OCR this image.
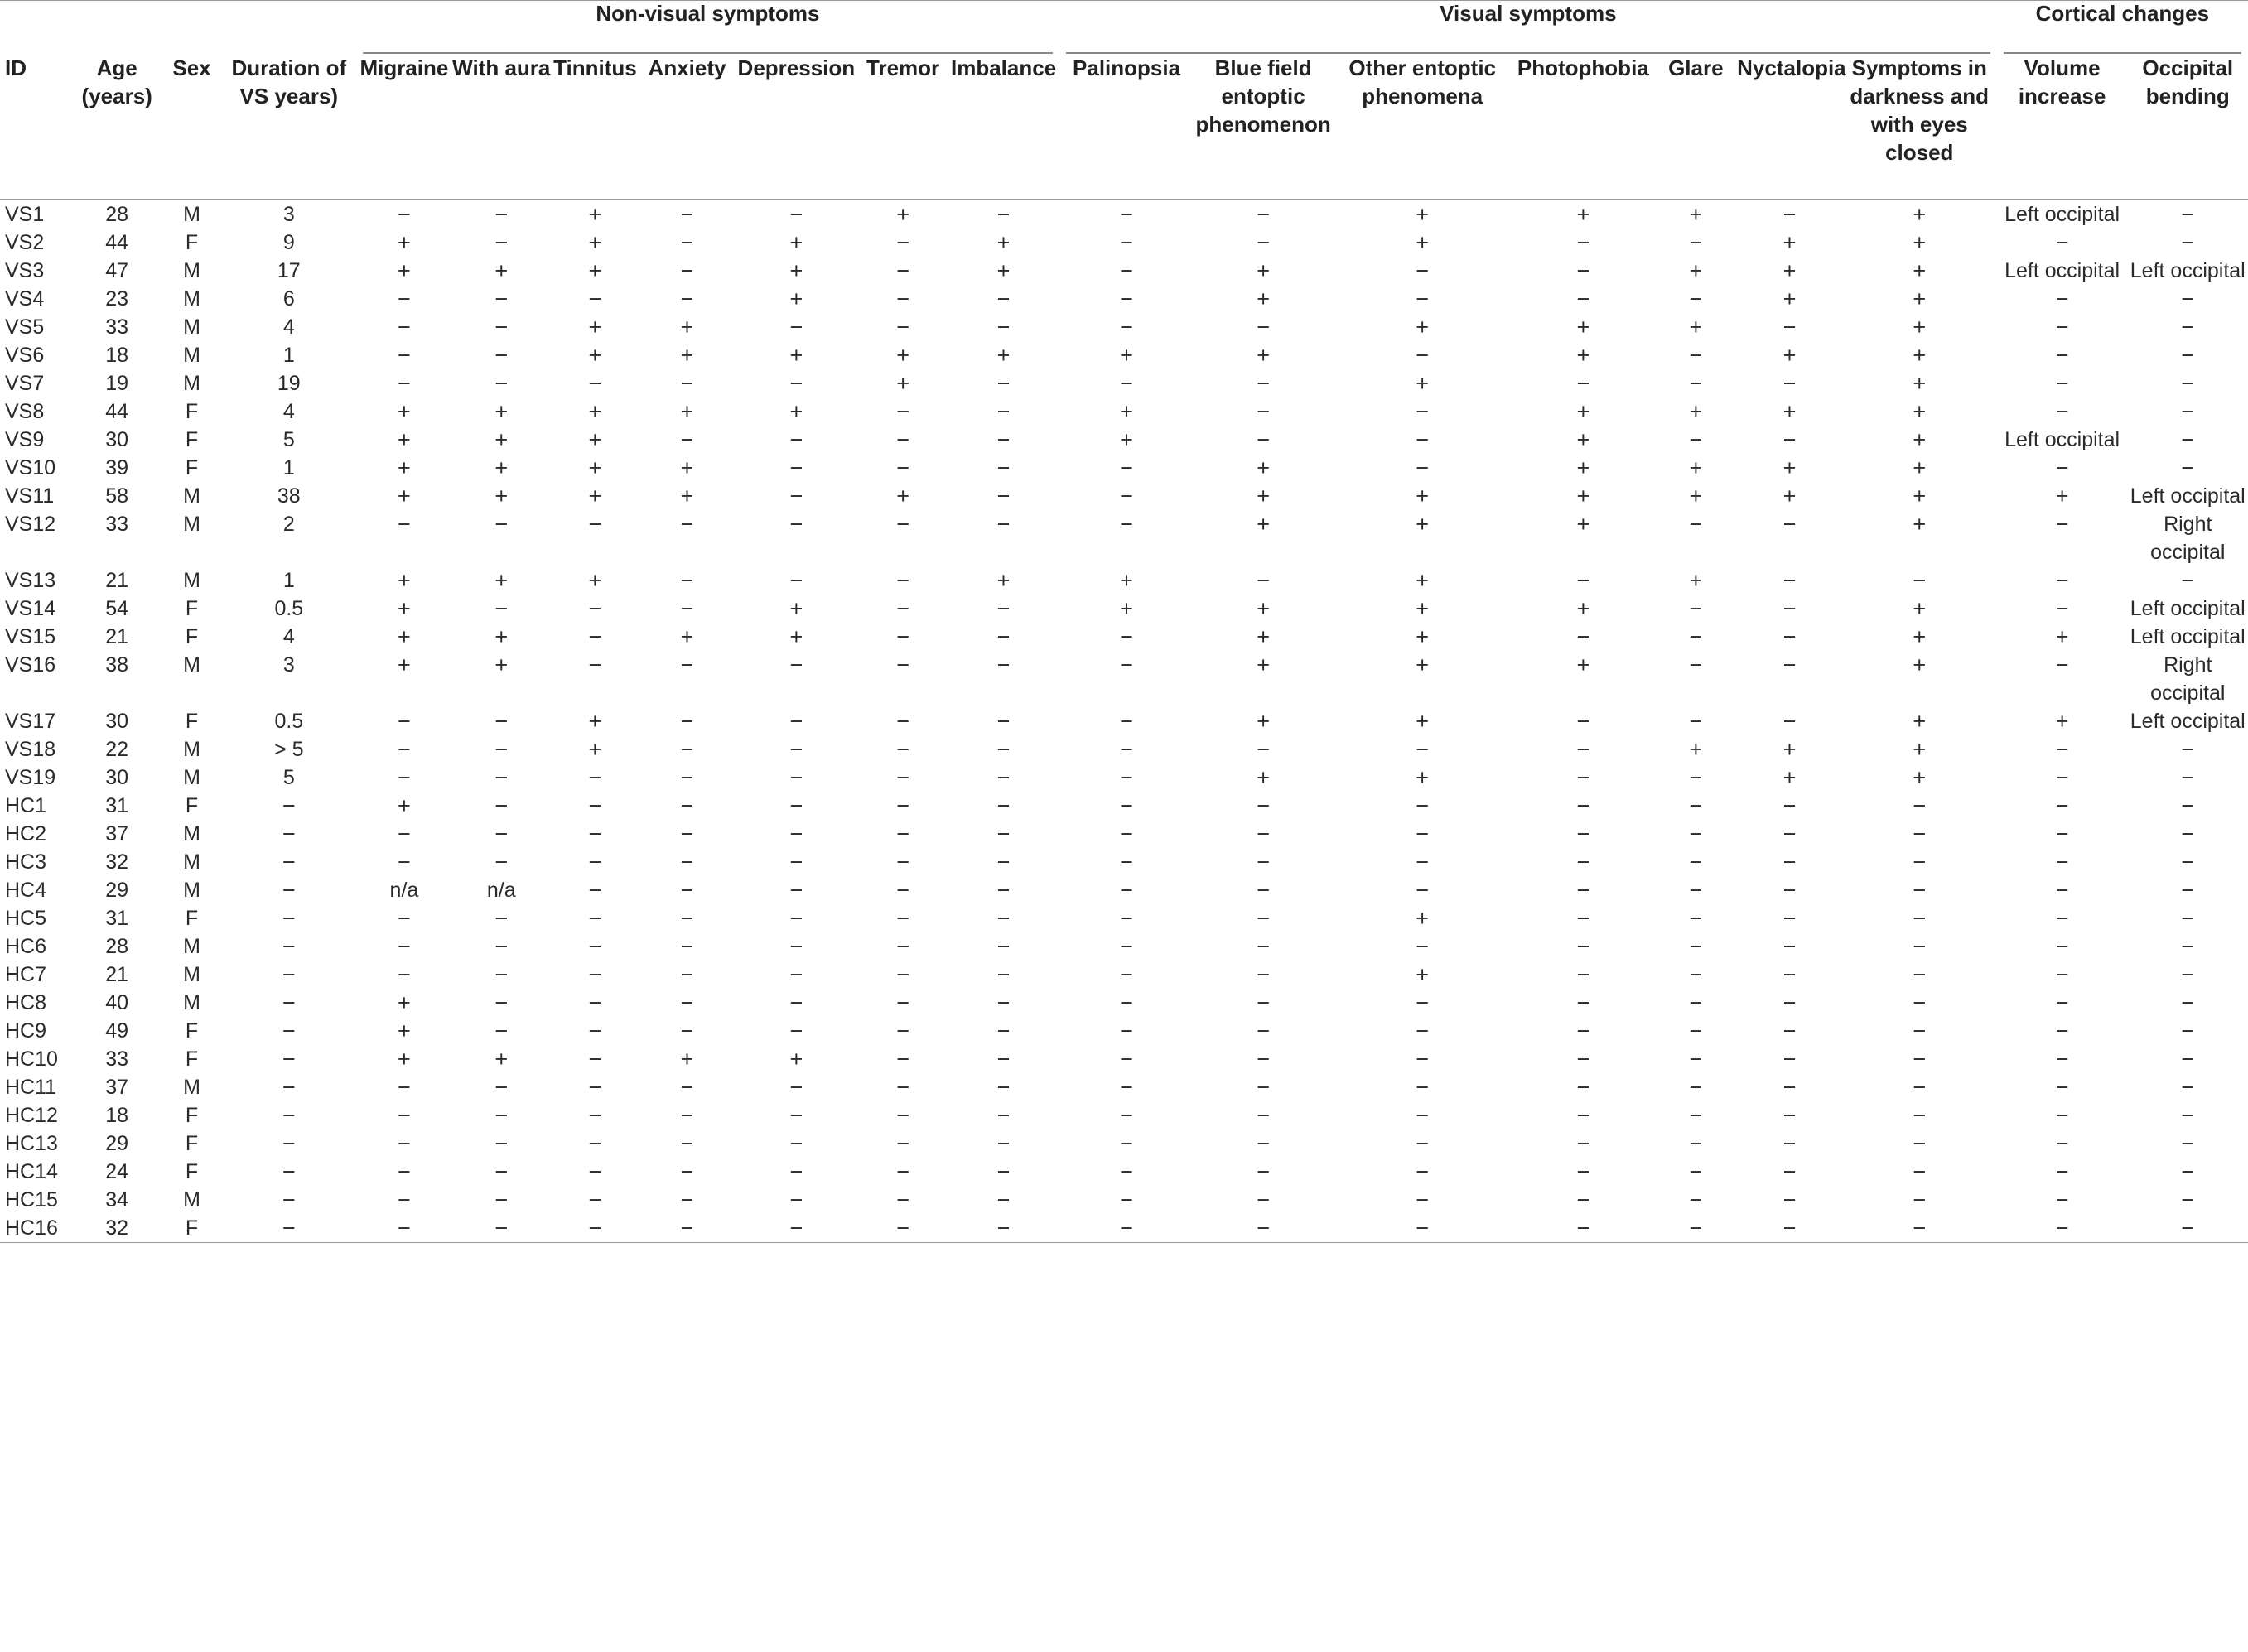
				Non-visual symptoms							Visual symptoms							Cortical changes	

ID	Age (years)	Sex	Duration of VS years)	Migraine	With aura	Tinnitus	Anxiety	Depression	Tremor	Imbalance	Palinopsia	Blue field entoptic phenomenon	Other entoptic phenomena	Photophobia	Glare	Nyctalopia	Symptoms in darkness and with eyes closed	Volume increase	Occipital bending
VS1	28	M	3	−	−	+	−	−	+	−	−	−	+	+	+	−	+	Left occipital	−
VS2	44	F	9	+	−	+	−	+	−	+	−	−	+	−	−	+	+	−	−
VS3	47	M	17	+	+	+	−	+	−	+	−	+	−	−	+	+	+	Left occipital	Left occipital
VS4	23	M	6	−	−	−	−	+	−	−	−	+	−	−	−	+	+	−	−
VS5	33	M	4	−	−	+	+	−	−	−	−	−	+	+	+	−	+	−	−
VS6	18	M	1	−	−	+	+	+	+	+	+	+	−	+	−	+	+	−	−
VS7	19	M	19	−	−	−	−	−	+	−	−	−	+	−	−	−	+	−	−
VS8	44	F	4	+	+	+	+	+	−	−	+	−	−	+	+	+	+	−	−
VS9	30	F	5	+	+	+	−	−	−	−	+	−	−	+	−	−	+	Left occipital	−
VS10	39	F	1	+	+	+	+	−	−	−	−	+	−	+	+	+	+	−	−
VS11	58	M	38	+	+	+	+	−	+	−	−	+	+	+	+	+	+	+	Left occipital
VS12	33	M	2	−	−	−	−	−	−	−	−	+	+	+	−	−	+	−	Right occipital
VS13	21	M	1	+	+	+	−	−	−	+	+	−	+	−	+	−	−	−	−
VS14	54	F	0.5	+	−	−	−	+	−	−	+	+	+	+	−	−	+	−	Left occipital
VS15	21	F	4	+	+	−	+	+	−	−	−	+	+	−	−	−	+	+	Left occipital
VS16	38	M	3	+	+	−	−	−	−	−	−	+	+	+	−	−	+	−	Right occipital
VS17	30	F	0.5	−	−	+	−	−	−	−	−	+	+	−	−	−	+	+	Left occipital
VS18	22	M	> 5	−	−	+	−	−	−	−	−	−	−	−	+	+	+	−	−
VS19	30	M	5	−	−	−	−	−	−	−	−	+	+	−	−	+	+	−	−
HC1	31	F	−	+	−	−	−	−	−	−	−	−	−	−	−	−	−	−	−
HC2	37	M	−	−	−	−	−	−	−	−	−	−	−	−	−	−	−	−	−
HC3	32	M	−	−	−	−	−	−	−	−	−	−	−	−	−	−	−	−	−
HC4	29	M	−	n/a	n/a	−	−	−	−	−	−	−	−	−	−	−	−	−	−
HC5	31	F	−	−	−	−	−	−	−	−	−	−	+	−	−	−	−	−	−
HC6	28	M	−	−	−	−	−	−	−	−	−	−	−	−	−	−	−	−	−
HC7	21	M	−	−	−	−	−	−	−	−	−	−	+	−	−	−	−	−	−
HC8	40	M	−	+	−	−	−	−	−	−	−	−	−	−	−	−	−	−	−
HC9	49	F	−	+	−	−	−	−	−	−	−	−	−	−	−	−	−	−	−
HC10	33	F	−	+	+	−	+	+	−	−	−	−	−	−	−	−	−	−	−
HC11	37	M	−	−	−	−	−	−	−	−	−	−	−	−	−	−	−	−	−
HC12	18	F	−	−	−	−	−	−	−	−	−	−	−	−	−	−	−	−	−
HC13	29	F	−	−	−	−	−	−	−	−	−	−	−	−	−	−	−	−	−
HC14	24	F	−	−	−	−	−	−	−	−	−	−	−	−	−	−	−	−	−
HC15	34	M	−	−	−	−	−	−	−	−	−	−	−	−	−	−	−	−	−
HC16	32	F	−	−	−	−	−	−	−	−	−	−	−	−	−	−	−	−	−
